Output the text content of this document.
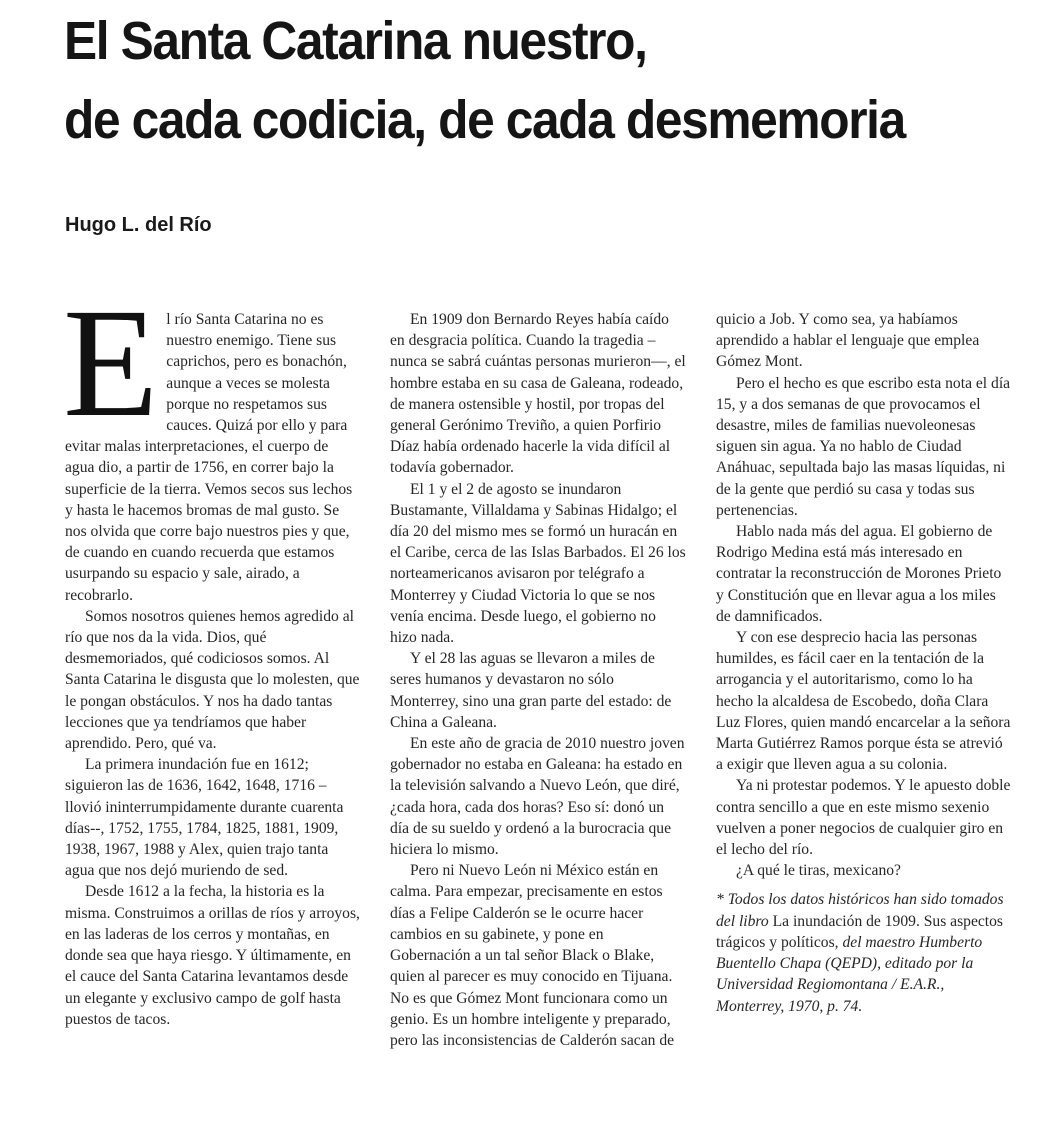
El Santa Catarina nuestro,
de cada codicia, de cada desmemoria
Hugo L. del Río

El río Santa Catarina no es nuestro enemigo. Tiene sus caprichos, pero es bonachón, aunque a veces se molesta porque no respetamos sus cauces. Quizá por ello y para evitar malas interpretaciones, el cuerpo de agua dio, a partir de 1756, en correr bajo la superficie de la tierra. Vemos secos sus lechos y hasta le hacemos bromas de mal gusto. Se nos olvida que corre bajo nuestros pies y que, de cuando en cuando recuerda que estamos usurpando su espacio y sale, airado, a recobrarlo.

Somos nosotros quienes hemos agredido al río que nos da la vida. Dios, qué desmemoriados, qué codiciosos somos. Al Santa Catarina le disgusta que lo molesten, que le pongan obstáculos. Y nos ha dado tantas lecciones que ya tendríamos que haber aprendido. Pero, qué va.

La primera inundación fue en 1612; siguieron las de 1636, 1642, 1648, 1716 –llovió ininterrumpidamente durante cuarenta días--, 1752, 1755, 1784, 1825, 1881, 1909, 1938, 1967, 1988 y Alex, quien trajo tanta agua que nos dejó muriendo de sed.

Desde 1612 a la fecha, la historia es la misma. Construimos a orillas de ríos y arroyos, en las laderas de los cerros y montañas, en donde sea que haya riesgo. Y últimamente, en el cauce del Santa Catarina levantamos desde un elegante y exclusivo campo de golf hasta puestos de tacos.

En 1909 don Bernardo Reyes había caído en desgracia política. Cuando la tragedia –nunca se sabrá cuántas personas murieron—, el hombre estaba en su casa de Galeana, rodeado, de manera ostensible y hostil, por tropas del general Gerónimo Treviño, a quien Porfirio Díaz había ordenado hacerle la vida difícil al todavía gobernador.

El 1 y el 2 de agosto se inundaron Bustamante, Villaldama y Sabinas Hidalgo; el día 20 del mismo mes se formó un huracán en el Caribe, cerca de las Islas Barbados. El 26 los norteamericanos avisaron por telégrafo a Monterrey y Ciudad Victoria lo que se nos venía encima. Desde luego, el gobierno no hizo nada.

Y el 28 las aguas se llevaron a miles de seres humanos y devastaron no sólo Monterrey, sino una gran parte del estado: de China a Galeana.

En este año de gracia de 2010 nuestro joven gobernador no estaba en Galeana: ha estado en la televisión salvando a Nuevo León, que diré, ¿cada hora, cada dos horas? Eso sí: donó un día de su sueldo y ordenó a la burocracia que hiciera lo mismo.

Pero ni Nuevo León ni México están en calma. Para empezar, precisamente en estos días a Felipe Calderón se le ocurre hacer cambios en su gabinete, y pone en Gobernación a un tal señor Black o Blake, quien al parecer es muy conocido en Tijuana. No es que Gómez Mont funcionara como un genio. Es un hombre inteligente y preparado, pero las inconsistencias de Calderón sacan de

quicio a Job. Y como sea, ya habíamos aprendido a hablar el lenguaje que emplea Gómez Mont.

Pero el hecho es que escribo esta nota el día 15, y a dos semanas de que provocamos el desastre, miles de familias nuevoleonesas siguen sin agua. Ya no hablo de Ciudad Anáhuac, sepultada bajo las masas líquidas, ni de la gente que perdió su casa y todas sus pertenencias.

Hablo nada más del agua. El gobierno de Rodrigo Medina está más interesado en contratar la reconstrucción de Morones Prieto y Constitución que en llevar agua a los miles de damnificados.

Y con ese desprecio hacia las personas humildes, es fácil caer en la tentación de la arrogancia y el autoritarismo, como lo ha hecho la alcaldesa de Escobedo, doña Clara Luz Flores, quien mandó encarcelar a la señora Marta Gutiérrez Ramos porque ésta se atrevió a exigir que lleven agua a su colonia.

Ya ni protestar podemos. Y le apuesto doble contra sencillo a que en este mismo sexenio vuelven a poner negocios de cualquier giro en el lecho del río.

¿A qué le tiras, mexicano?

* Todos los datos históricos han sido tomados del libro La inundación de 1909. Sus aspectos trágicos y políticos, del maestro Humberto Buentello Chapa (QEPD), editado por la Universidad Regiomontana / E.A.R., Monterrey, 1970, p. 74.
